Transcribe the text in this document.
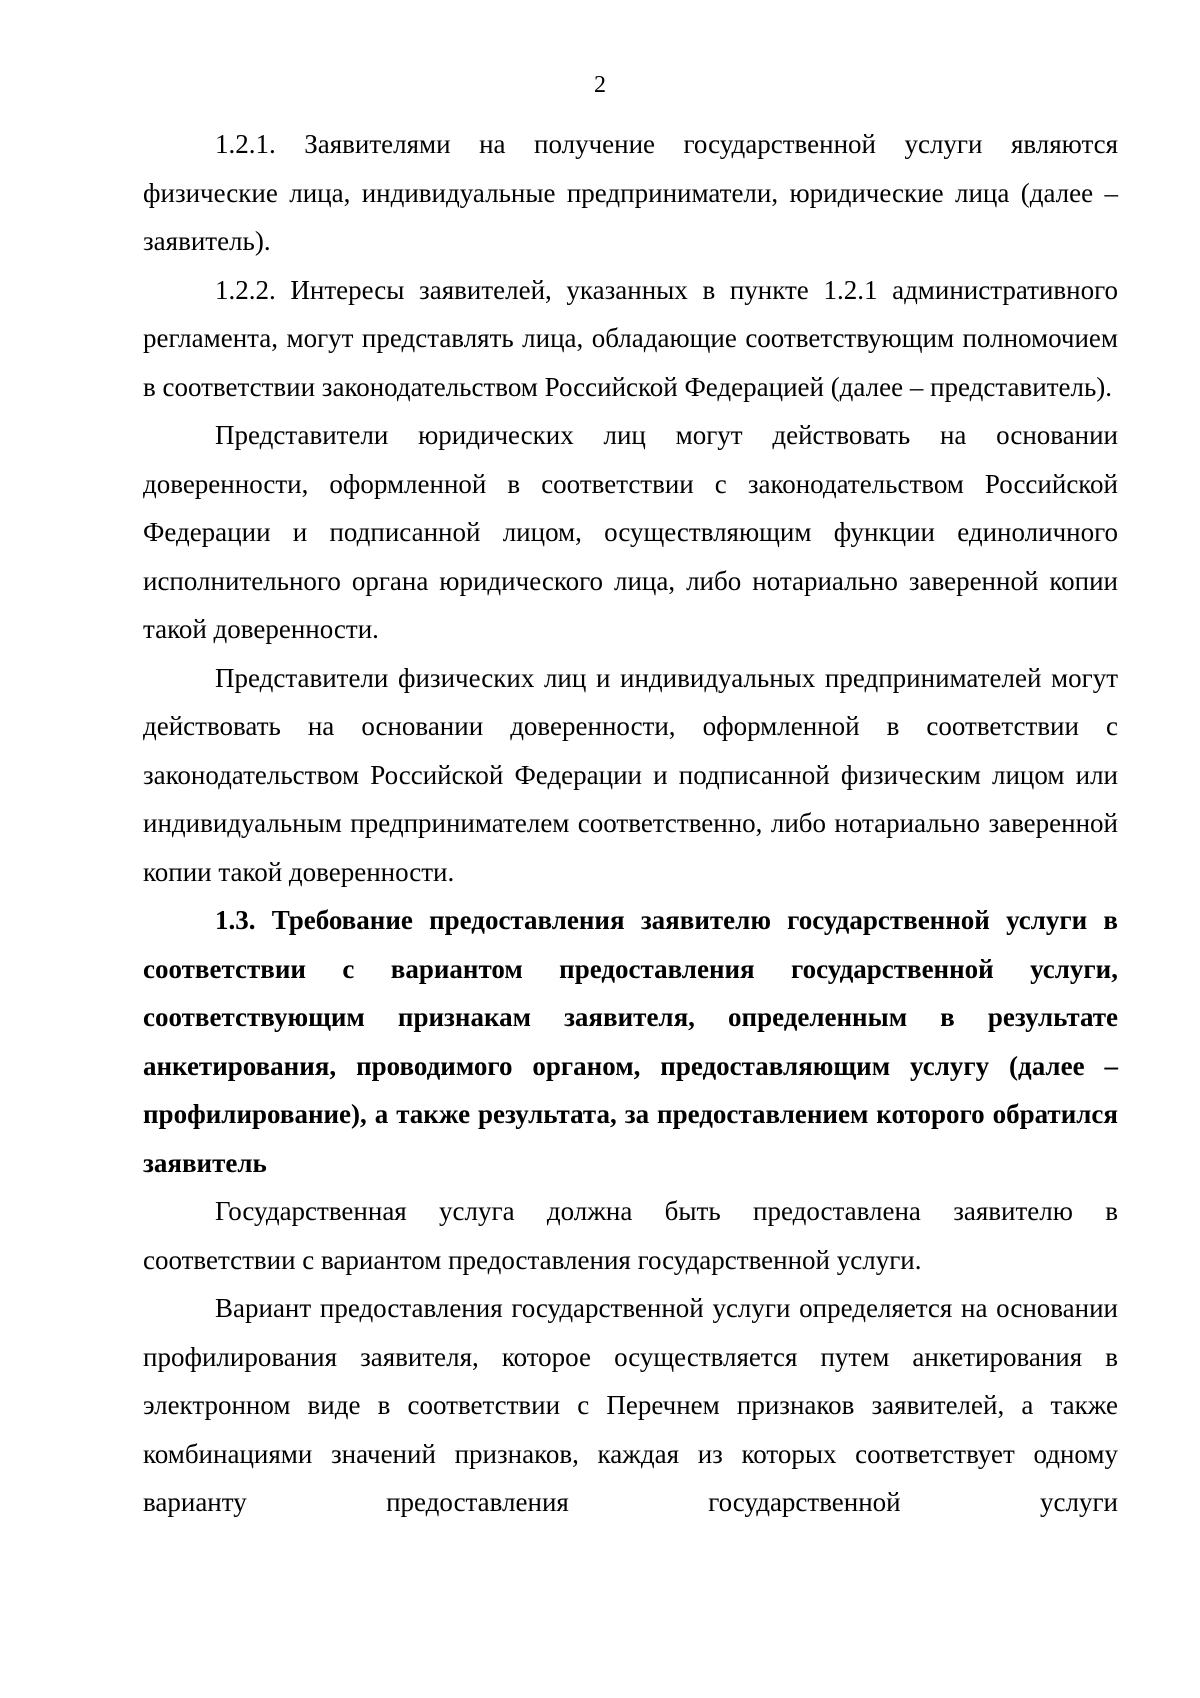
2

1.2.1. Заявителями на получение государственной услуги являются физические лица, индивидуальные предприниматели, юридические лица (далее – заявитель).

1.2.2. Интересы заявителей, указанных в пункте 1.2.1 административного регламента, могут представлять лица, обладающие соответствующим полномочием в соответствии законодательством Российской Федерацией (далее – представитель).

Представители юридических лиц могут действовать на основании доверенности, оформленной в соответствии с законодательством Российской Федерации и подписанной лицом, осуществляющим функции единоличного исполнительного органа юридического лица, либо нотариально заверенной копии такой доверенности.

Представители физических лиц и индивидуальных предпринимателей могут действовать на основании доверенности, оформленной в соответствии с законодательством Российской Федерации и подписанной физическим лицом или индивидуальным предпринимателем соответственно, либо нотариально заверенной копии такой доверенности.

1.3. Требование предоставления заявителю государственной услуги в соответствии с вариантом предоставления государственной услуги, соответствующим признакам заявителя, определенным в результате анкетирования, проводимого органом, предоставляющим услугу (далее – профилирование), а также результата, за предоставлением которого обратился заявитель

Государственная услуга должна быть предоставлена заявителю в соответствии с вариантом предоставления государственной услуги.

Вариант предоставления государственной услуги определяется на основании профилирования заявителя, которое осуществляется путем анкетирования в электронном виде в соответствии с Перечнем признаков заявителей, а также комбинациями значений признаков, каждая из которых соответствует одному варианту предоставления государственной услуги
